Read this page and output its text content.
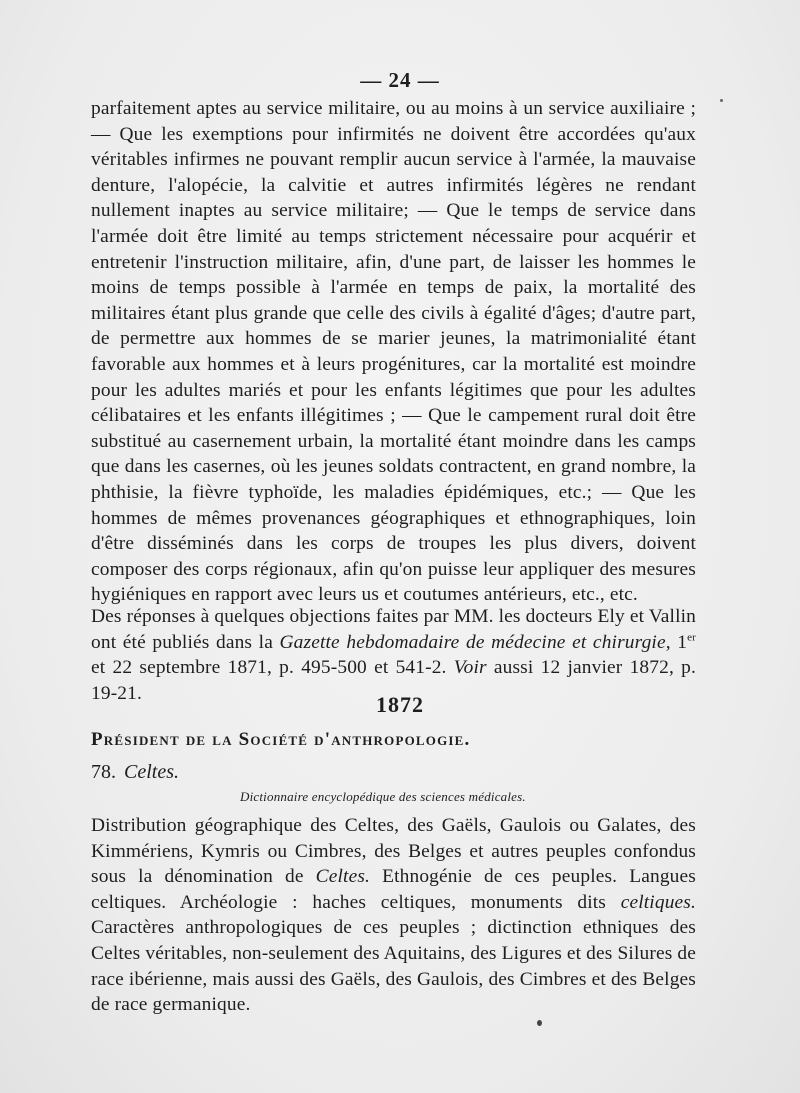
— 24 —
parfaitement aptes au service militaire, ou au moins à un service auxiliaire ; — Que les exemptions pour infirmités ne doivent être accordées qu'aux véritables infirmes ne pouvant remplir aucun service à l'armée, la mauvaise denture, l'alopécie, la calvitie et autres infirmités légères ne rendant nullement inaptes au service militaire; — Que le temps de service dans l'armée doit être limité au temps strictement nécessaire pour acquérir et entretenir l'instruction militaire, afin, d'une part, de laisser les hommes le moins de temps possible à l'armée en temps de paix, la mortalité des militaires étant plus grande que celle des civils à égalité d'âges; d'autre part, de permettre aux hommes de se marier jeunes, la matrimonialité étant favorable aux hommes et à leurs progénitures, car la mortalité est moindre pour les adultes mariés et pour les enfants légitimes que pour les adultes célibataires et les enfants illégitimes ; — Que le campement rural doit être substitué au casernement urbain, la mortalité étant moindre dans les camps que dans les casernes, où les jeunes soldats contractent, en grand nombre, la phthisie, la fièvre typhoïde, les maladies épidémiques, etc.; — Que les hommes de mêmes provenances géographiques et ethnographiques, loin d'être disséminés dans les corps de troupes les plus divers, doivent composer des corps régionaux, afin qu'on puisse leur appliquer des mesures hygiéniques en rapport avec leurs us et coutumes antérieurs, etc., etc.
Des réponses à quelques objections faites par MM. les docteurs Ely et Vallin ont été publiés dans la Gazette hebdomadaire de médecine et chirurgie, 1er et 22 septembre 1871, p. 495-500 et 541-2. Voir aussi 12 janvier 1872, p. 19-21.	1872
Président de la Société d'anthropologie.
78. Celtes.
Dictionnaire encyclopédique des sciences médicales.
Distribution géographique des Celtes, des Gaëls, Gaulois ou Galates, des Kimmériens, Kymris ou Cimbres, des Belges et autres peuples confondus sous la dénomination de Celtes. Ethnogénie de ces peuples. Langues celtiques. Archéologie : haches celtiques, monuments dits celtiques. Caractères anthropologiques de ces peuples ; dictinction ethniques des Celtes véritables, non-seulement des Aquitains, des Ligures et des Silures de race ibérienne, mais aussi des Gaëls, des Gaulois, des Cimbres et des Belges de race germanique.
